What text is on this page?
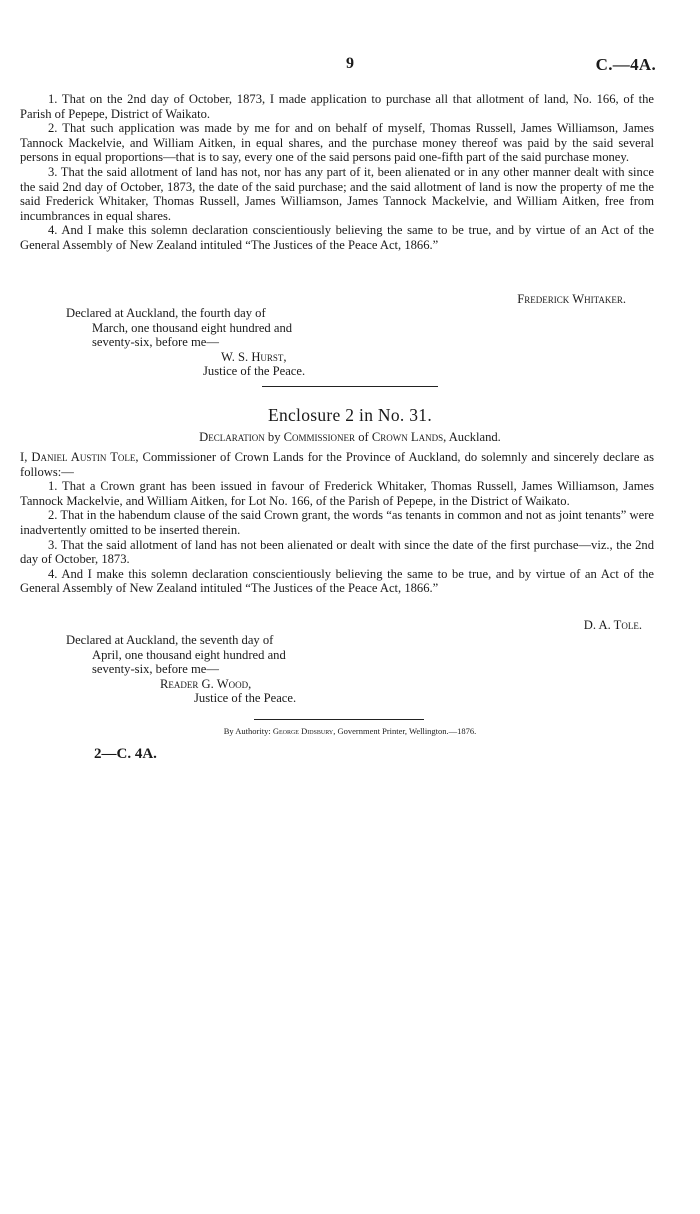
9	C.—4A.

1. That on the 2nd day of October, 1873, I made application to purchase all that allotment of land, No. 166, of the Parish of Pepepe, District of Waikato.

2. That such application was made by me for and on behalf of myself, Thomas Russell, James Williamson, James Tannock Mackelvie, and William Aitken, in equal shares, and the purchase money thereof was paid by the said several persons in equal proportions—that is to say, every one of the said persons paid one-fifth part of the said purchase money.

3. That the said allotment of land has not, nor has any part of it, been alienated or in any other manner dealt with since the said 2nd day of October, 1873, the date of the said purchase; and the said allotment of land is now the property of me the said Frederick Whitaker, Thomas Russell, James Williamson, James Tannock Mackelvie, and William Aitken, free from incumbrances in equal shares.

4. And I make this solemn declaration conscientiously believing the same to be true, and by virtue of an Act of the General Assembly of New Zealand intituled “The Justices of the Peace Act, 1866.”

Frederick Whitaker.
Declared at Auckland, the fourth day of
March, one thousand eight hundred and
seventy-six, before me—
W. S. Hurst,
Justice of the Peace.
Enclosure 2 in No. 31.
Declaration by Commissioner of Crown Lands, Auckland.

I, Daniel Austin Tole, Commissioner of Crown Lands for the Province of Auckland, do solemnly and sincerely declare as follows:—

1. That a Crown grant has been issued in favour of Frederick Whitaker, Thomas Russell, James Williamson, James Tannock Mackelvie, and William Aitken, for Lot No. 166, of the Parish of Pepepe, in the District of Waikato.

2. That in the habendum clause of the said Crown grant, the words “as tenants in common and not as joint tenants” were inadvertently omitted to be inserted therein.

3. That the said allotment of land has not been alienated or dealt with since the date of the first purchase—viz., the 2nd day of October, 1873.

4. And I make this solemn declaration conscientiously believing the same to be true, and by virtue of an Act of the General Assembly of New Zealand intituled “The Justices of the Peace Act, 1866.”

D. A. Tole.
Declared at Auckland, the seventh day of
April, one thousand eight hundred and
seventy-six, before me—
Reader G. Wood,
Justice of the Peace.
By Authority: George Didsbury, Government Printer, Wellington.—1876.
2—C. 4A.
